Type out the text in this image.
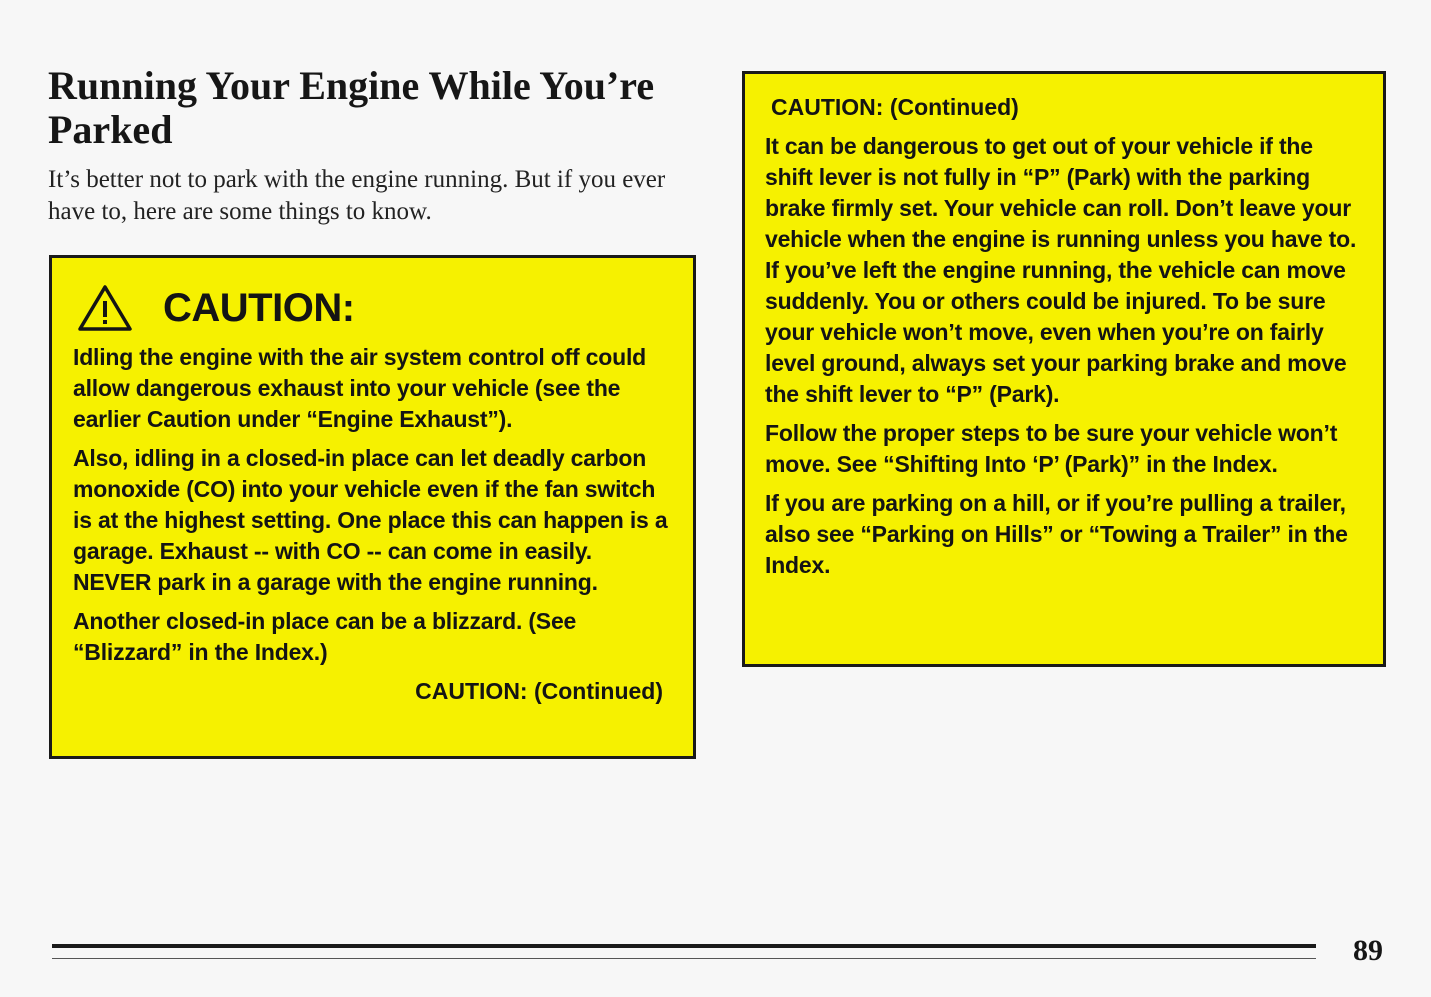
Running Your Engine While You’re Parked

It’s better not to park with the engine running. But if you ever have to, here are some things to know.

CAUTION:

Idling the engine with the air system control off could allow dangerous exhaust into your vehicle (see the earlier Caution under “Engine Exhaust”).

Also, idling in a closed-in place can let deadly carbon monoxide (CO) into your vehicle even if the fan switch is at the highest setting. One place this can happen is a garage. Exhaust -- with CO -- can come in easily. NEVER park in a garage with the engine running.

Another closed-in place can be a blizzard. (See “Blizzard” in the Index.)

CAUTION: (Continued)
CAUTION: (Continued)

It can be dangerous to get out of your vehicle if the shift lever is not fully in “P” (Park) with the parking brake firmly set. Your vehicle can roll. Don’t leave your vehicle when the engine is running unless you have to. If you’ve left the engine running, the vehicle can move suddenly. You or others could be injured. To be sure your vehicle won’t move, even when you’re on fairly level ground, always set your parking brake and move the shift lever to “P” (Park).

Follow the proper steps to be sure your vehicle won’t move. See “Shifting Into ‘P’ (Park)” in the Index.

If you are parking on a hill, or if you’re pulling a trailer, also see “Parking on Hills” or “Towing a Trailer” in the Index.

89
